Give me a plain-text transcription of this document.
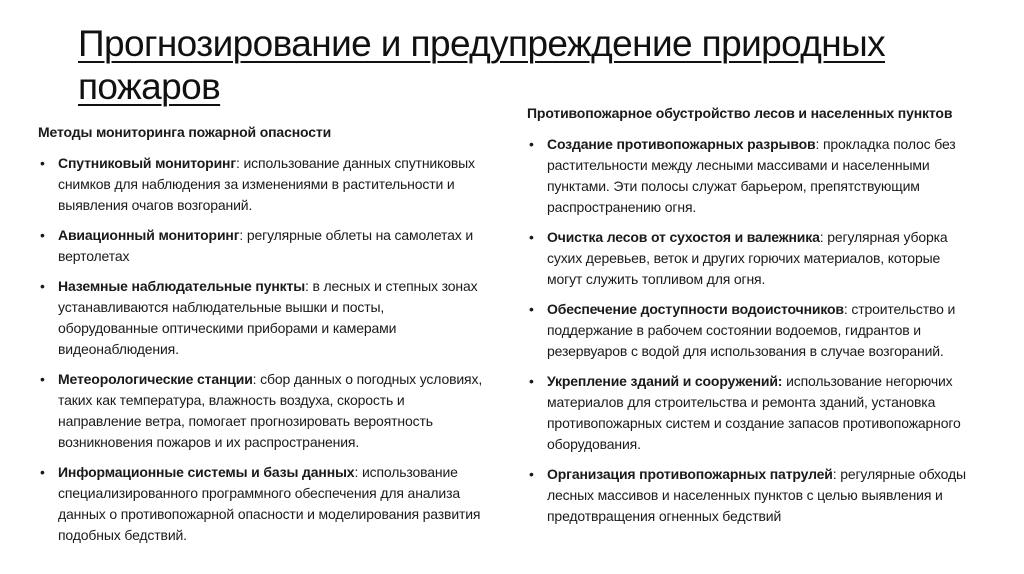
Прогнозирование и предупреждение природных пожаров
Методы мониторинга пожарной опасности
• Спутниковый мониторинг: использование данных спутниковых снимков для наблюдения за изменениями в растительности и выявления очагов возгораний.
• Авиационный мониторинг: регулярные облеты на самолетах и вертолетах
• Наземные наблюдательные пункты: в лесных и степных зонах устанавливаются наблюдательные вышки и посты, оборудованные оптическими приборами и камерами видеонаблюдения.
• Метеорологические станции: сбор данных о погодных условиях, таких как температура, влажность воздуха, скорость и направление ветра, помогает прогнозировать вероятность возникновения пожаров и их распространения.
• Информационные системы и базы данных: использование специализированного программного обеспечения для анализа данных о противопожарной опасности и моделирования развития подобных бедствий.
Противопожарное обустройство лесов и населенных пунктов
• Создание противопожарных разрывов: прокладка полос без растительности между лесными массивами и населенными пунктами. Эти полосы служат барьером, препятствующим распространению огня.
• Очистка лесов от сухостоя и валежника: регулярная уборка сухих деревьев, веток и других горючих материалов, которые могут служить топливом для огня.
• Обеспечение доступности водоисточников: строительство и поддержание в рабочем состоянии водоемов, гидрантов и резервуаров с водой для использования в случае возгораний.
• Укрепление зданий и сооружений: использование негорючих материалов для строительства и ремонта зданий, установка противопожарных систем и создание запасов противопожарного оборудования.
• Организация противопожарных патрулей: регулярные обходы лесных массивов и населенных пунктов с целью выявления и предотвращения огненных бедствий
